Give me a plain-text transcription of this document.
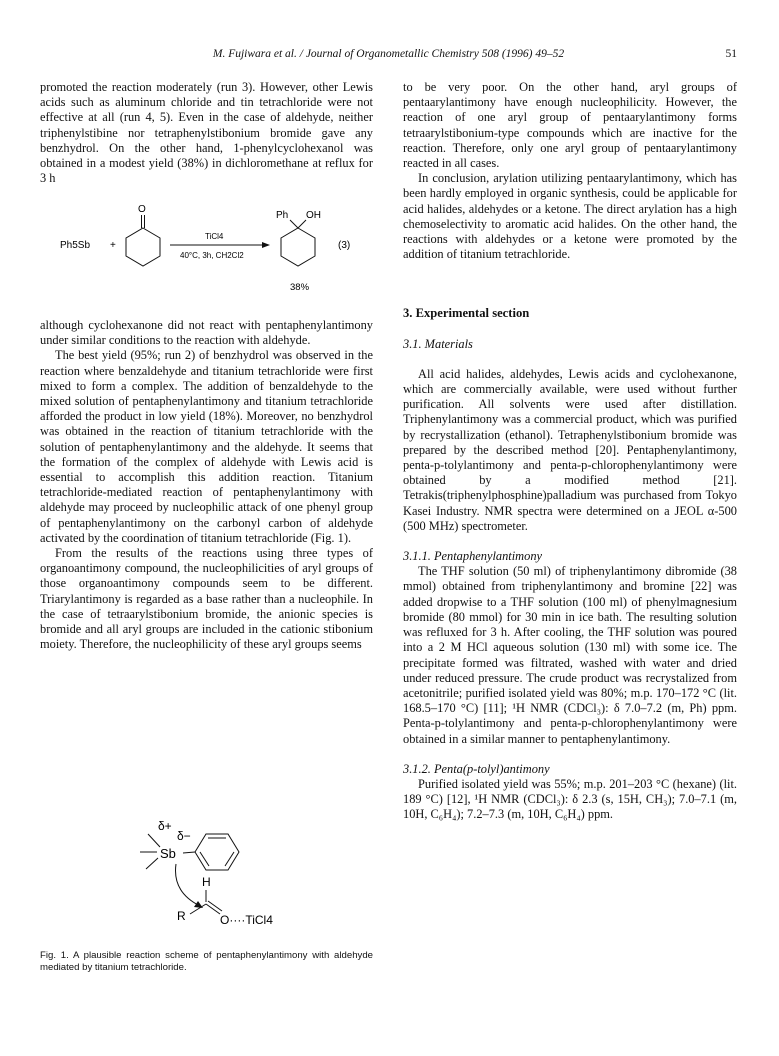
M. Fujiwara et al. / Journal of Organometallic Chemistry 508 (1996) 49–52	51

promoted the reaction moderately (run 3). However, other Lewis acids such as aluminum chloride and tin tetrachloride were not effective at all (run 4, 5). Even in the case of aldehyde, neither triphenylstibine nor tetraphenylstibonium bromide gave any benzhydrol. On the other hand, 1-phenylcyclohexanol was obtained in a modest yield (38%) in dichloromethane at reflux for 3 h

Ph5Sb +
O
TiCl4
40°C, 3h, CH2Cl2
Ph OH
(3)
38%

although cyclohexanone did not react with pentaphenylantimony under similar conditions to the reaction with aldehyde.

The best yield (95%; run 2) of benzhydrol was observed in the reaction where benzaldehyde and titanium tetrachloride were first mixed to form a complex. The addition of benzaldehyde to the mixed solution of pentaphenylantimony and titanium tetrachloride afforded the product in low yield (18%). Moreover, no benzhydrol was obtained in the reaction of titanium tetrachloride with the solution of pentaphenylantimony and the aldehyde. It seems that the formation of the complex of aldehyde with Lewis acid is essential to accomplish this addition reaction. Titanium tetrachloride-mediated reaction of pentaphenylantimony with aldehyde may proceed by nucleophilic attack of one phenyl group of pentaphenylantimony on the carbonyl carbon of aldehyde activated by the coordination of titanium tetrachloride (Fig. 1).

From the results of the reactions using three types of organoantimony compound, the nucleophilicities of aryl groups of those organoantimony compounds seem to be different. Triarylantimony is regarded as a base rather than a nucleophile. In the case of tetraarylstibonium bromide, the anionic species is bromide and all aryl groups are included in the cationic stibonium moiety. Therefore, the nucleophilicity of these aryl groups seems

δ+
δ−
Sb
H
R	O····TiCl4
Fig. 1. A plausible reaction scheme of pentaphenylantimony with aldehyde mediated by titanium tetrachloride.

to be very poor. On the other hand, aryl groups of pentaarylantimony have enough nucleophilicity. However, the reaction of one aryl group of pentaarylantimony forms tetraarylstibonium-type compounds which are inactive for the reaction. Therefore, only one aryl group of pentaarylantimony reacted in all cases.

In conclusion, arylation utilizing pentaarylantimony, which has been hardly employed in organic synthesis, could be applicable for acid halides, aldehydes or a ketone. The direct arylation has a high chemoselectivity to aromatic acid halides. On the other hand, the reactions with aldehydes or a ketone were promoted by the addition of titanium tetrachloride.

3. Experimental section

3.1. Materials

All acid halides, aldehydes, Lewis acids and cyclohexanone, which are commercially available, were used without further purification. All solvents were used after distillation. Triphenylantimony was a commercial product, which was purified by recrystallization (ethanol). Tetraphenylstibonium bromide was prepared by the described method [20]. Pentaphenylantimony, penta-p-tolylantimony and penta-p-chlorophenylantimony were obtained by a modified method [21]. Tetrakis(triphenylphosphine)palladium was purchased from Tokyo Kasei Industry. NMR spectra were determined on a JEOL α-500 (500 MHz) spectrometer.

3.1.1. Pentaphenylantimony

The THF solution (50 ml) of triphenylantimony dibromide (38 mmol) obtained from triphenylantimony and bromine [22] was added dropwise to a THF solution (100 ml) of phenylmagnesium bromide (80 mmol) for 30 min in ice bath. The resulting solution was refluxed for 3 h. After cooling, the THF solution was poured into a 2 M HCl aqueous solution (130 ml) with some ice. The precipitate formed was filtrated, washed with water and dried under reduced pressure. The crude product was recrystalized from acetonitrile; purified isolated yield was 80%; m.p. 170–172 °C (lit. 168.5–170 °C) [11]; ¹H NMR (CDCl₃): δ 7.0–7.2 (m, Ph) ppm. Penta-p-tolylantimony and penta-p-chlorophenylantimony were obtained in a similar manner to pentaphenylantimony.

3.1.2. Penta(p-tolyl)antimony

Purified isolated yield was 55%; m.p. 201–203 °C (hexane) (lit. 189 °C) [12], ¹H NMR (CDCl₃): δ 2.3 (s, 15H, CH₃); 7.0–7.1 (m, 10H, C₆H₄); 7.2–7.3 (m, 10H, C₆H₄) ppm.
